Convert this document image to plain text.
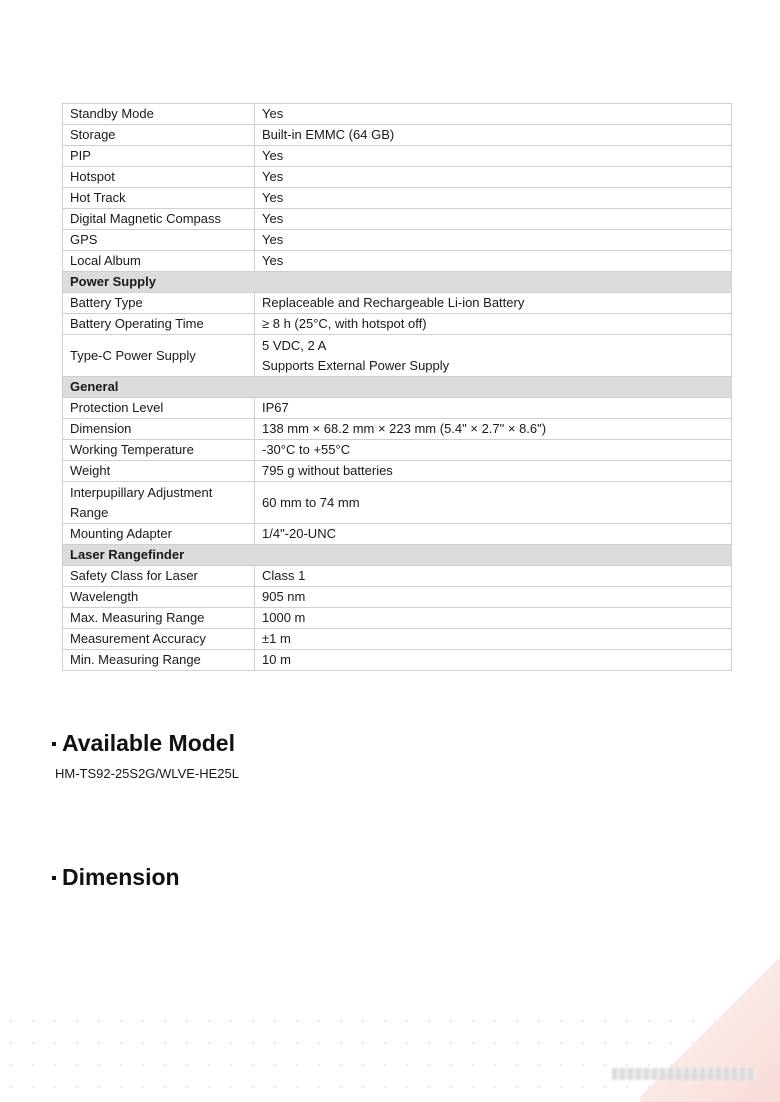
Standby Mode	Yes
Storage	Built-in EMMC (64 GB)
PIP	Yes
Hotspot	Yes
Hot Track	Yes
Digital Magnetic Compass	Yes
GPS	Yes
Local Album	Yes
Power Supply	
Battery Type	Replaceable and Rechargeable Li-ion Battery
Battery Operating Time	≥ 8 h (25°C, with hotspot off)
Type-C Power Supply	5 VDC, 2 A
Supports External Power Supply

General	
Protection Level	IP67
Dimension	138 mm × 68.2 mm × 223 mm (5.4" × 2.7" × 8.6")
Working Temperature	-30°C to +55°C
Weight	795 g without batteries
Interpupillary Adjustment Range	60 mm to 74 mm
Mounting Adapter	1/4"-20-UNC
Laser Rangefinder	
Safety Class for Laser	Class 1
Wavelength	905 nm
Max. Measuring Range	1000 m
Measurement Accuracy	±1 m
Min. Measuring Range	10 m
Available Model
HM-TS92-25S2G/WLVE-HE25L
Dimension
